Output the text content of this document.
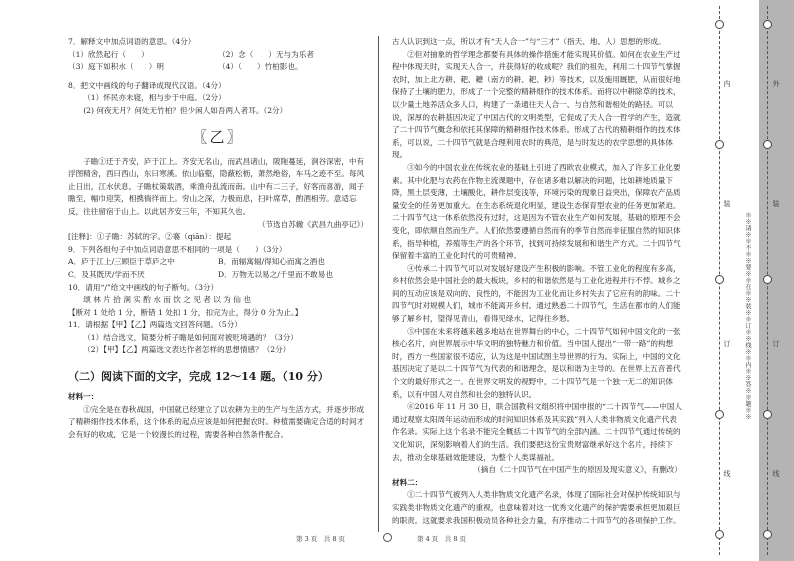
7．解释文中加点词语的意思。（4分）

（1）欣然起行（　　）	（2）念（　　）无与为乐者
（3）庭下如积水（　　）明	（4）（　　）竹柏影也。

8．把文中画线的句子翻译成现代汉语。（4分）

（1）怀民亦未寝，相与步于中庭。（2分）

(2) 何夜无月？何处无竹柏？但少闲人如吾两人者耳。（2分）

〖乙〗

子瞻①迁于齐安，庐于江上。齐安无名山，而武昌诸山，陂陁蔓延，涧谷深密，中有浮图精舍，西曰西山，东曰寒溪。依山临壑，隐蔽松枥，萧然绝俗，车马之迹不至。每风止日出，江水伏息，子瞻杖策载酒，乘渔舟乱流而南。山中有二三子，好客而喜游，闻子瞻至，幅巾迎笑，相携徜徉而上。穷山之深，力极而息，扫叶席草，酌酒相劳。意适忘反，往往留宿于山上。以此居齐安三年，不知其久也。

（节选自苏辙《武昌九曲亭记》）

[注释]：①子瞻：苏轼的字。②褰（qiān）：提起

9．下列各组句子中加点词语意思不相同的一项是（　　）（3分）

A．庐于江上/三顾臣于草庐之中	B．而辐寓辐/得知心而寓之酒也
C．及其既厌/学而不厌	D．万物无以易之/千里而不敢易也

10．请用“/”给文中画线的句子断句。（3分）

颂 林 片 拾 涧 实 酌 水 而 饮 之 见 者 以 为 仙 也

【断对 1 处给 1 分，断错 1 处扣 1 分，扣完为止，得分 0 分为止。】

11．请根据【甲】【乙】两篇选文回答问题。（5分）

（1）结合选文，简要分析子瞻是如何面对被贬境遇的？（3分）

（2）【甲】【乙】两篇选文表达作者怎样的思想情感？（2分）

（二）阅读下面的文字，完成 12～14 题。（10 分）

材料一：

①完全是在春秋战国，中国就已经建立了以农耕为主的生产与生活方式，并逐步形成了精耕细作技术体系，这个体系的起点应该是如何把握农时。种植需要确定合适的时间才会有好的收成，它是一个较漫长的过程，需要各种自然条件配合。

古人认识到这一点，所以才有“天人合一”与“三才”（指天、地、人）思想的形成。

②但对抽象的哲学理念都要有具体的操作措施才能实现其价值。如何在农业生产过程中体现天时，实现天人合一，并获得好的收成呢？我们的祖先，利用二十四节气掌握农时，加上北方耕、耙、耱（南方的耕、耙、耖）等技术，以及施用厩肥，从而很好地保持了土壤的肥力，形成了一个完整的精耕细作的技术体系。而将以中耕除草的技术，以少量土地养活众多人口，构建了一条通往天人合一、与自然和谐相处的路径。可以说，深厚的农耕基因决定了中国古代的文明类型，它促成了天人合一哲学的产生，造就了二十四节气概念和依托其保障的精耕细作技术体系。形成了古代的精耕细作的技术体系，可以说，二十四节气就是合理利用农时的典范，是与时发达的农学思想的具体体现。

③如今的中国农业在传统农业的基础上引进了西欧农业模式，加入了许多工业化要素。其中化肥与农药在作物主流课题中，存在诸多难以解决的问题，比如耕地质量下降，黑土层变薄，土壤酸化，耕作层变浅等，环境污染的现象日益突出，保障农产品质量安全的任务更加重大。在生态系统退化明显，建设生态保育型农业的任务更加紧迫。二十四节气这一体系依然没有过时，这是因为不管农业生产如何发展，基础的原理不会变化，即依顺自然而生产。人们依然要遵循自然而有的季节自然而非征服自然的知识体系，指导种植，养殖等生产的各个环节，找到可持续发展和和谐生产方式。二十四节气保留着丰富的工业化时代的可贵精神。

④传承二十四节气可以对发展好建设产生积极的影响。不管工业化的程度有多高，乡村依然会是中国社会的最大板块，乡村的和谐依然是与工业化进程并行不悖。城乡之间的互动应该是双向的、良性的，不能因为工业化而让乡村失去了它应有的韵味。二十四节气时对规模人们，城市不能离开乡村。通过熟悉二十四节气，生活在都市的人们能够了解乡村，望得见青山，看得见绿水，记得住乡愁。

⑤中国在未来将越来越多地站在世界舞台的中心，二十四节气如何中国文化的一张核心名片，向世界展示中华文明的独特魅力和价值。当中国人提出“一带一路”的构想时，西方一些国家很不适应，认为这是中国试图主导世界的行为。实际上，中国的文化基因决定了是以二十四节气为代表的和谐理念，是以和谐为主导的。在世界上五音普代个文的最好形式之一。在世界文明发的视野中，二十四节气是一个独一无二的知识体系，以有中国人对自然和社会的独特认识。

⑥2016 年 11 月 30 日，联合国教科文组织将中国申报的“二十四节气——中国人通过观察太阳周年运动而形成的时间知识体系及其实践”列入人类非物质文化遗产代表作名录。实际上这个名录不能完全概括二十四节气的全部内涵。二十四节气通过传统的文化知识，深刻影响着人们的生活。我们要把这份宝贵财富继承好这个名片，持续下去，推动全球基础效能建设，为整个人类谋福祉。

（摘自《二十四节气在中国产生的原因及现实意义》，有删改）

材料二：

①二十四节气被列入人类非物质文化遗产名录，体现了国际社会对保护传统知识与实践类非物质文化遗产的重视，也意味着对这一优秀文化遗产的保护需要承担更加艰巨的职责。这就要求我国积极动员各种社会力量，有序推动二十四节气的各项保护工作。

第 3 页　共 8 页	第 4 页　共 8 页
内
装
订
线
※※请※※不※※要※※在※※装※※订※※线※※内※※答※※题※※
外
装
订
线
